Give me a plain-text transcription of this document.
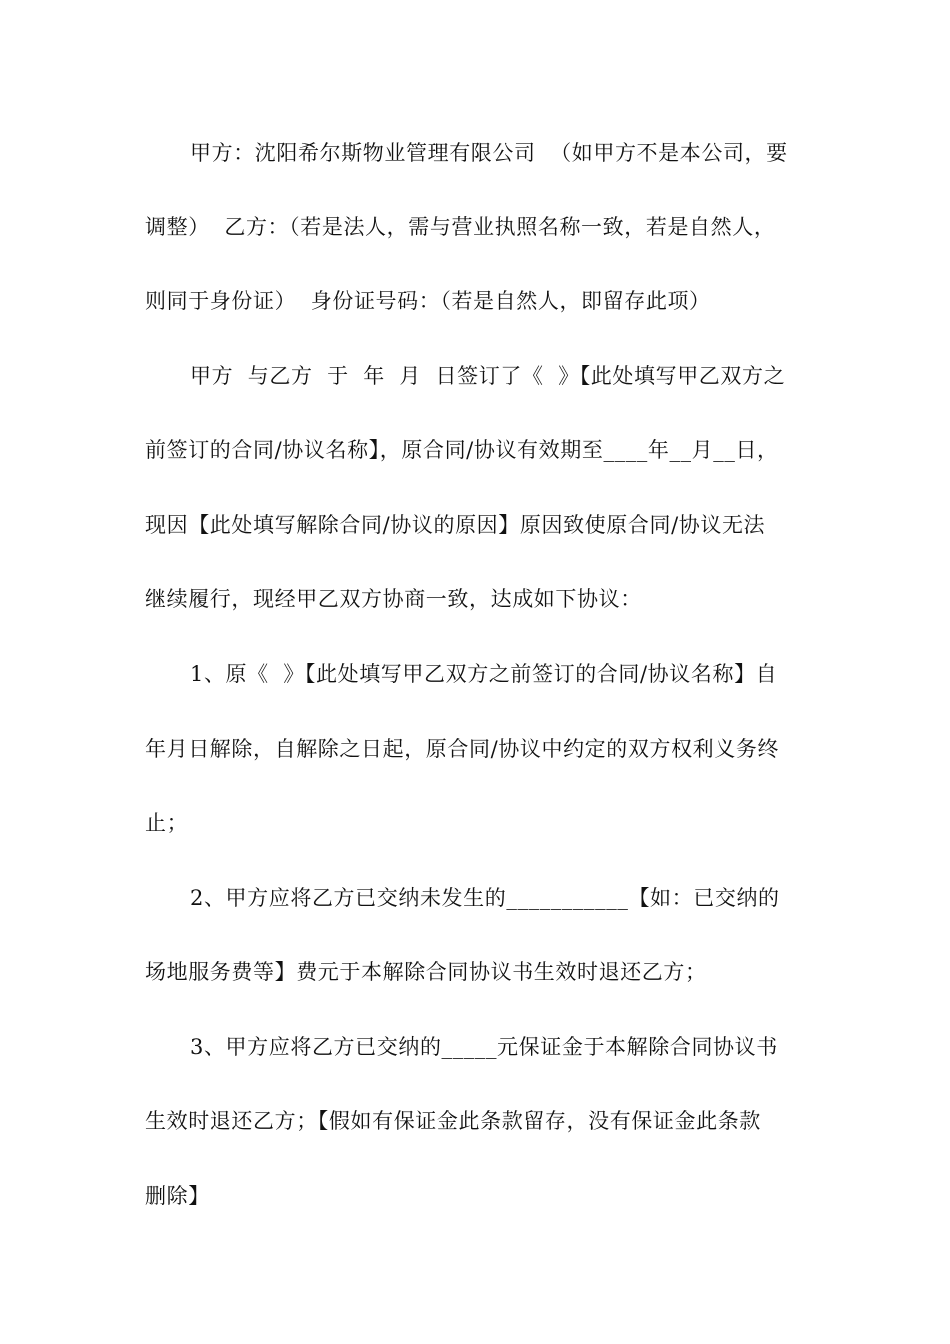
甲方：沈阳希尔斯物业管理有限公司  （如甲方不是本公司，要
调整）  乙方：（若是法人，需与营业执照名称一致，若是自然人，
则同于身份证）  身份证号码：（若是自然人，即留存此项）
甲方  与乙方  于  年  月  日签订了《  》【此处填写甲乙双方之
前签订的合同/协议名称】，原合同/协议有效期至____年__月__日，
现因【此处填写解除合同/协议的原因】原因致使原合同/协议无法
继续履行，现经甲乙双方协商一致，达成如下协议：
1、原《  》【此处填写甲乙双方之前签订的合同/协议名称】自
年月日解除，自解除之日起，原合同/协议中约定的双方权利义务终
止；
2、甲方应将乙方已交纳未发生的___________【如：已交纳的
场地服务费等】费元于本解除合同协议书生效时退还乙方；
3、甲方应将乙方已交纳的_____元保证金于本解除合同协议书
生效时退还乙方；【假如有保证金此条款留存，没有保证金此条款
删除】
